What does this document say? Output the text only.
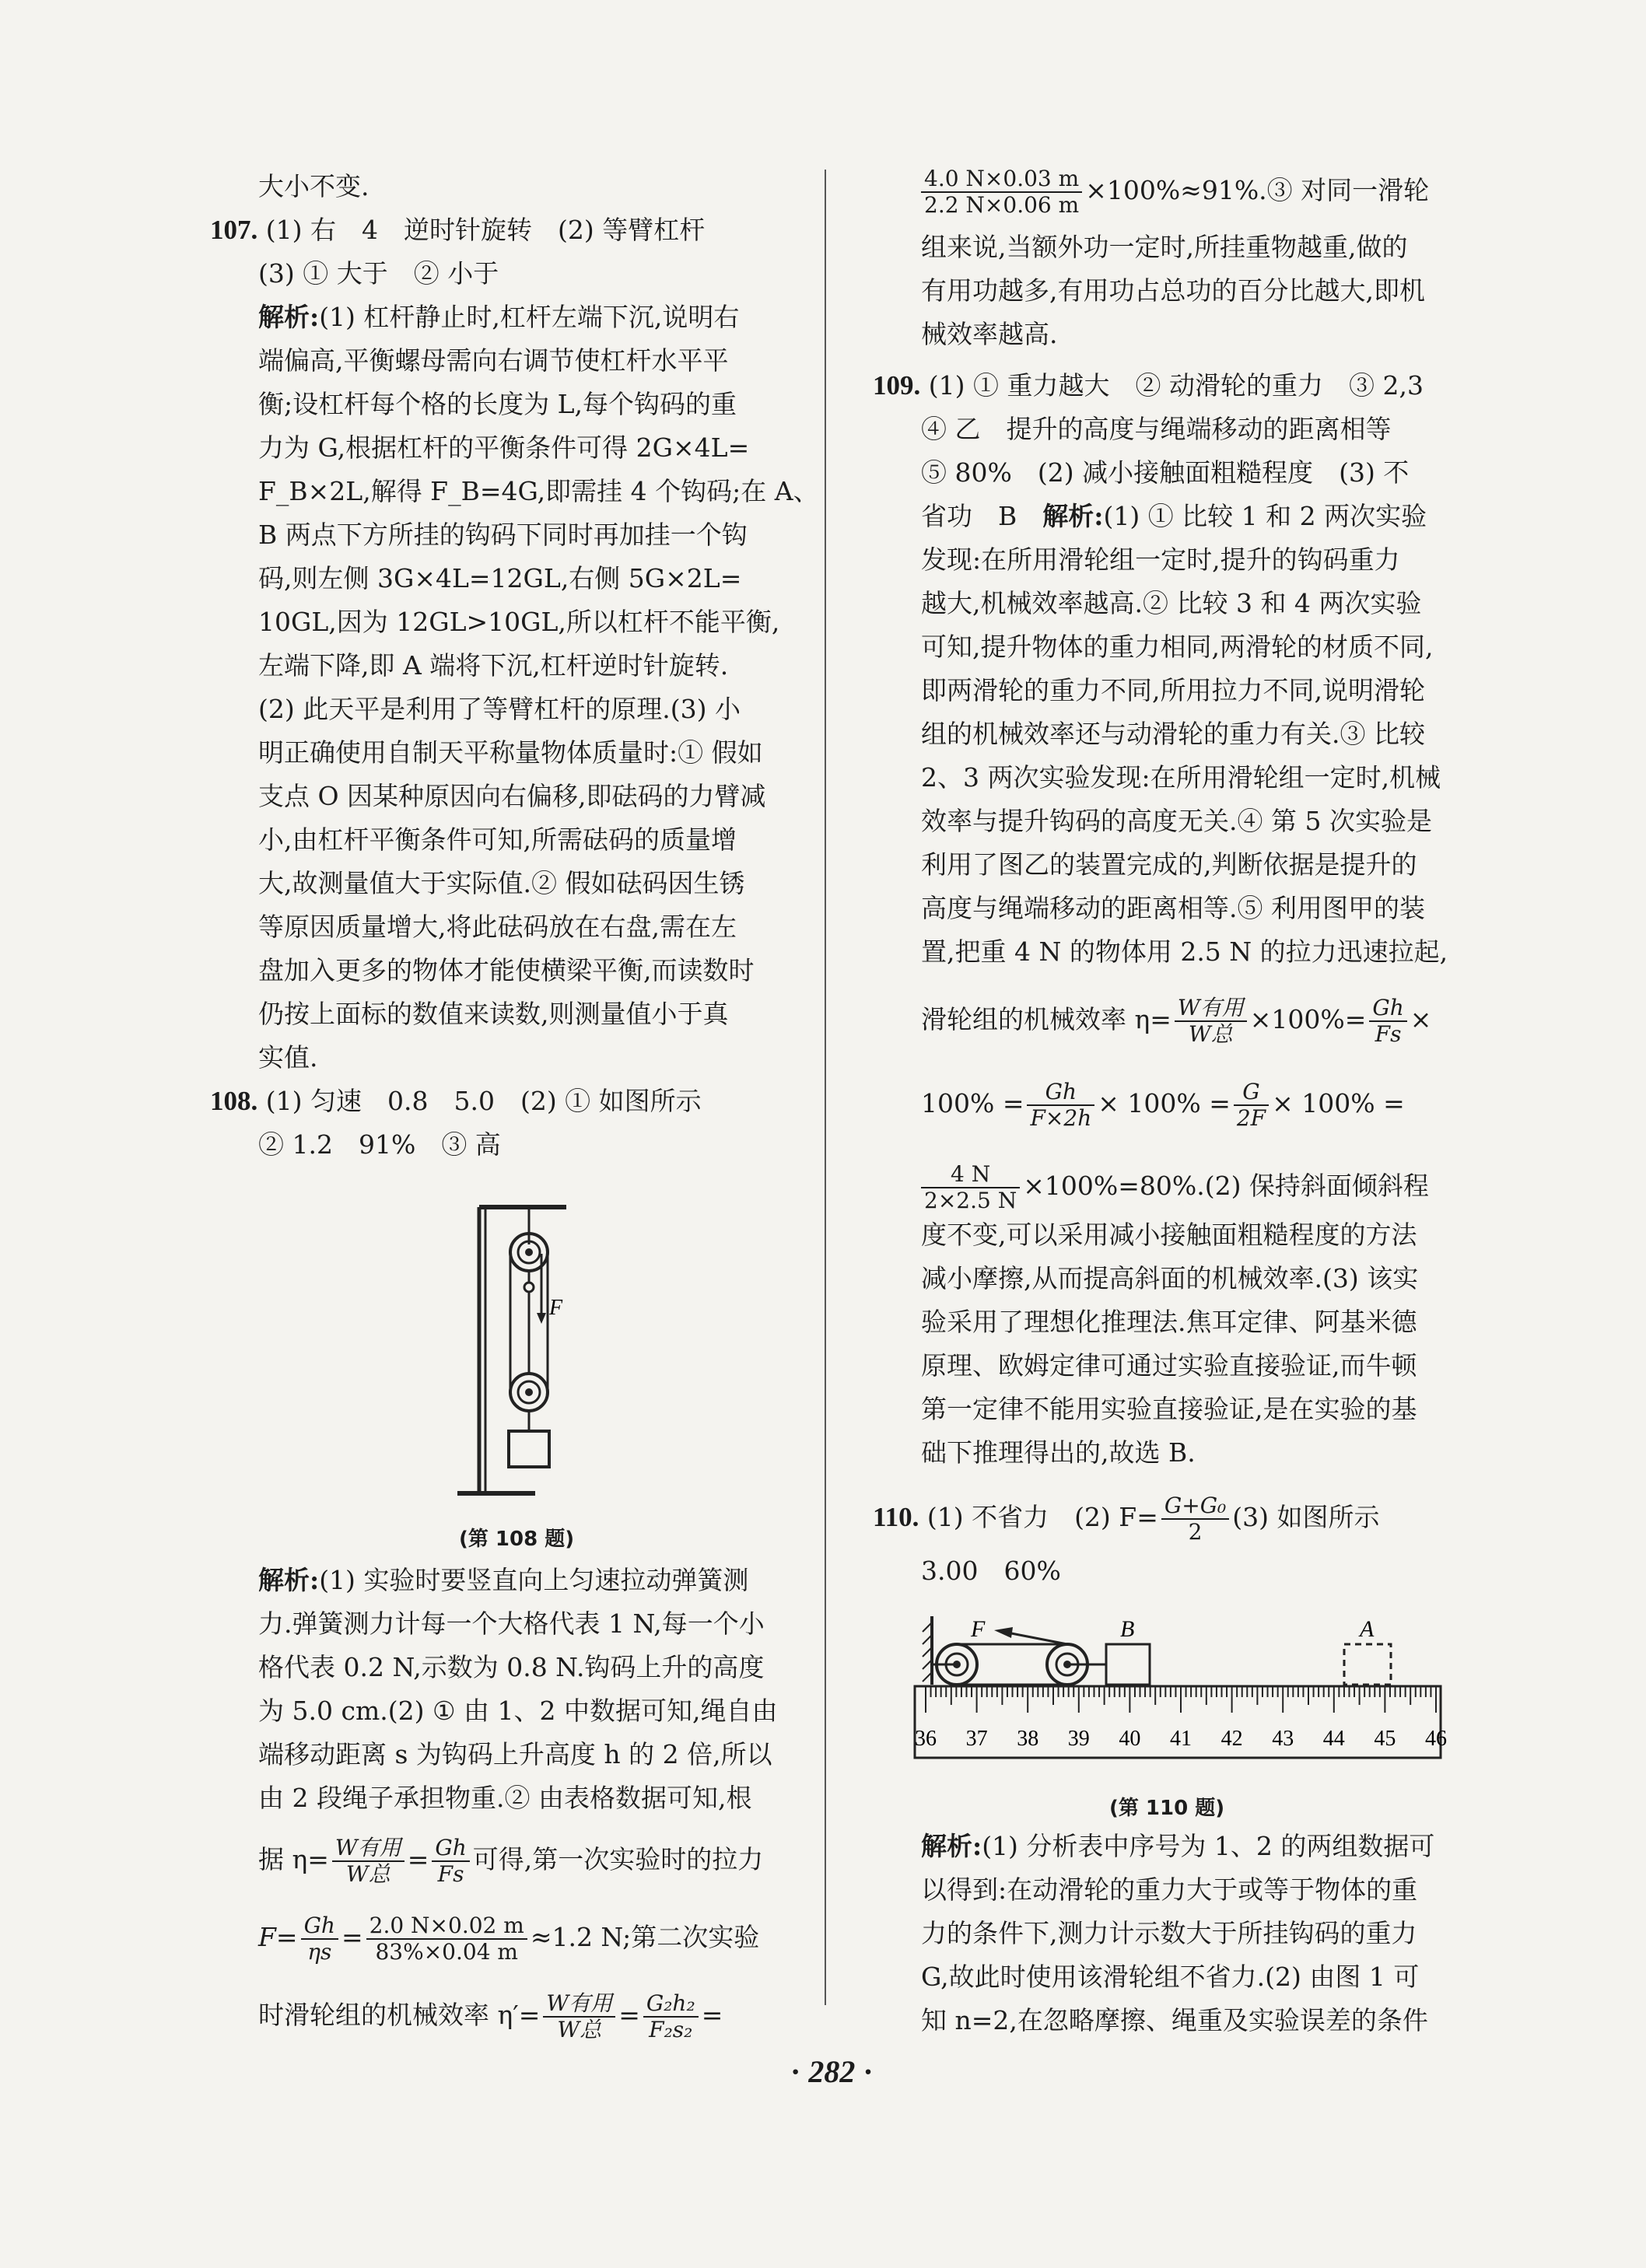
大小不变.
107. (1) 右　4　逆时针旋转　(2) 等臂杠杆
(3) ① 大于　② 小于
解析:(1) 杠杆静止时,杠杆左端下沉,说明右
端偏高,平衡螺母需向右调节使杠杆水平平
衡;设杠杆每个格的长度为 L,每个钩码的重
力为 G,根据杠杆的平衡条件可得 2G×4L=
F_B×2L,解得 F_B=4G,即需挂 4 个钩码;在 A、
B 两点下方所挂的钩码下同时再加挂一个钩
码,则左侧 3G×4L=12GL,右侧 5G×2L=
10GL,因为 12GL>10GL,所以杠杆不能平衡,
左端下降,即 A 端将下沉,杠杆逆时针旋转.
(2) 此天平是利用了等臂杠杆的原理.(3) 小
明正确使用自制天平称量物体质量时:① 假如
支点 O 因某种原因向右偏移,即砝码的力臂减
小,由杠杆平衡条件可知,所需砝码的质量增
大,故测量值大于实际值.② 假如砝码因生锈
等原因质量增大,将此砝码放在右盘,需在左
盘加入更多的物体才能使横梁平衡,而读数时
仍按上面标的数值来读数,则测量值小于真
实值.
108. (1) 匀速　0.8　5.0　(2) ① 如图所示
② 1.2　91%　③ 高
F
(第 108 题)
解析:(1) 实验时要竖直向上匀速拉动弹簧测
力.弹簧测力计每一个大格代表 1 N,每一个小
格代表 0.2 N,示数为 0.8 N.钩码上升的高度
为 5.0 cm.(2) ① 由 1、2 中数据可知,绳自由
端移动距离 s 为钩码上升高度 h 的 2 倍,所以
由 2 段绳子承担物重.② 由表格数据可知,根
据 $\eta= \frac{\text{W有用}}{\text{W总}} = \frac{Gh}{Fs}$ 可得,第一次实验时的拉力
$F= \frac{Gh}{\eta s} = \frac{2.0 N\times 0.02 m}{83\%\times 0.04 m} \approx 1.2$ N;第二次实验
时滑轮组的机械效率 $\eta'= \frac{\text{W有用}}{\text{W总}} = \frac{\text{G₂h₂}}{\text{F₂s₂}}$ =
$\frac{4.0 N\times 0.03 m}{2.2 N\times 0.06 m}$ ×100%≈91%.③ 对同一滑轮
组来说,当额外功一定时,所挂重物越重,做的
有用功越多,有用功占总功的百分比越大,即机
械效率越高.
109. (1) ① 重力越大　② 动滑轮的重力　③ 2,3
④ 乙　提升的高度与绳端移动的距离相等
⑤ 80%　(2) 减小接触面粗糙程度　(3) 不
省功　B　解析:(1) ① 比较 1 和 2 两次实验
发现:在所用滑轮组一定时,提升的钩码重力
越大,机械效率越高.② 比较 3 和 4 两次实验
可知,提升物体的重力相同,两滑轮的材质不同,
即两滑轮的重力不同,所用拉力不同,说明滑轮
组的机械效率还与动滑轮的重力有关.③ 比较
2、3 两次实验发现:在所用滑轮组一定时,机械
效率与提升钩码的高度无关.④ 第 5 次实验是
利用了图乙的装置完成的,判断依据是提升的
高度与绳端移动的距离相等.⑤ 利用图甲的装
置,把重 4 N 的物体用 2.5 N 的拉力迅速拉起,
滑轮组的机械效率 $\eta= \frac{\text{W有用}}{\text{W总}} \times 100\%= \frac{Gh}{Fs}$ ×
$100\% = \frac{Gh}{F\times 2h} \times 100\% = \frac{G}{2F} \times 100\%$ =
$\frac{4 N}{2\times 2.5 N} \times 100\%=80\%.(2)$ 保持斜面倾斜程
度不变,可以采用减小接触面粗糙程度的方法
减小摩擦,从而提高斜面的机械效率.(3) 该实
验采用了理想化推理法.焦耳定律、阿基米德
原理、欧姆定律可通过实验直接验证,而牛顿
第一定律不能用实验直接验证,是在实验的基
础下推理得出的,故选 B.
110. (1) 不省力　(2) $F= \frac{\text{G+G₀}}{2} (3)$ 如图所示
3.00　60%
F	B	A
36 37 38 39 40 41 42 43 44 45 46
(第 110 题)
解析:(1) 分析表中序号为 1、2 的两组数据可
以得到:在动滑轮的重力大于或等于物体的重
力的条件下,测力计示数大于所挂钩码的重力
G,故此时使用该滑轮组不省力.(2) 由图 1 可
知 n=2,在忽略摩擦、绳重及实验误差的条件
· 282 ·
